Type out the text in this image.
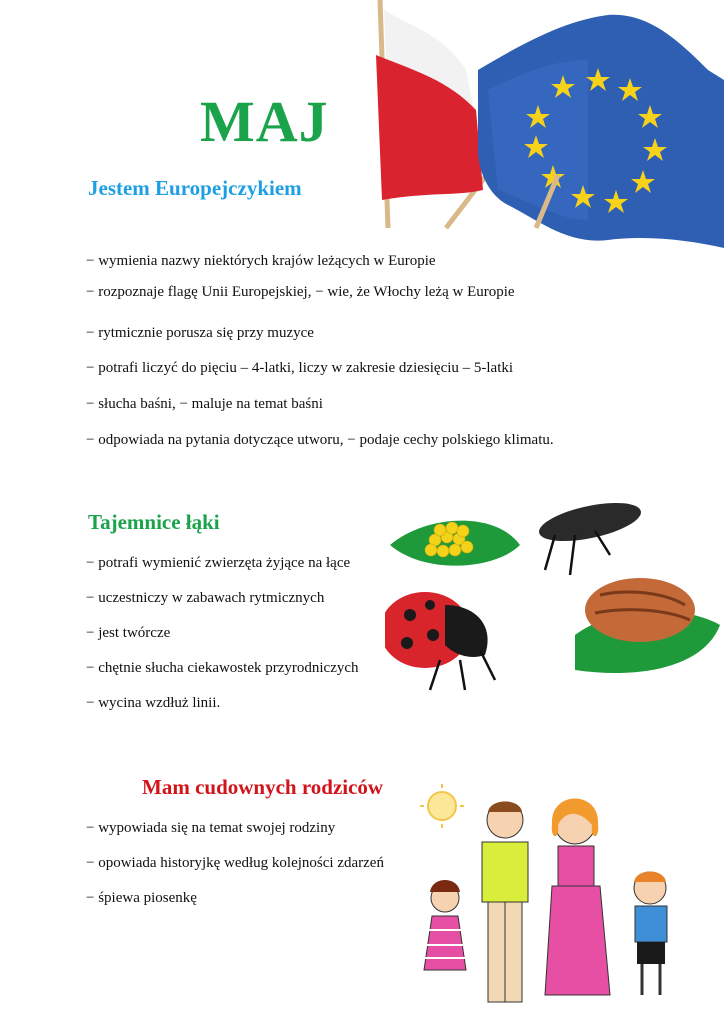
MAJ
Jestem Europejczykiem
− wymienia nazwy niektórych krajów leżących w Europie
− rozpoznaje flagę Unii Europejskiej, − wie, że Włochy leżą w Europie
− rytmicznie porusza się przy muzyce
− potrafi liczyć do pięciu – 4-latki, liczy w zakresie dziesięciu – 5-latki
− słucha baśni, − maluje na temat baśni
− odpowiada na pytania dotyczące utworu, − podaje cechy polskiego klimatu.
Tajemnice łąki
− potrafi wymienić zwierzęta żyjące na łące
− uczestniczy w zabawach rytmicznych
− jest twórcze
− chętnie słucha ciekawostek przyrodniczych
− wycina wzdłuż linii.
Mam cudownych rodziców
− wypowiada się na temat swojej rodziny
− opowiada historyjkę według kolejności zdarzeń
− śpiewa piosenkę
